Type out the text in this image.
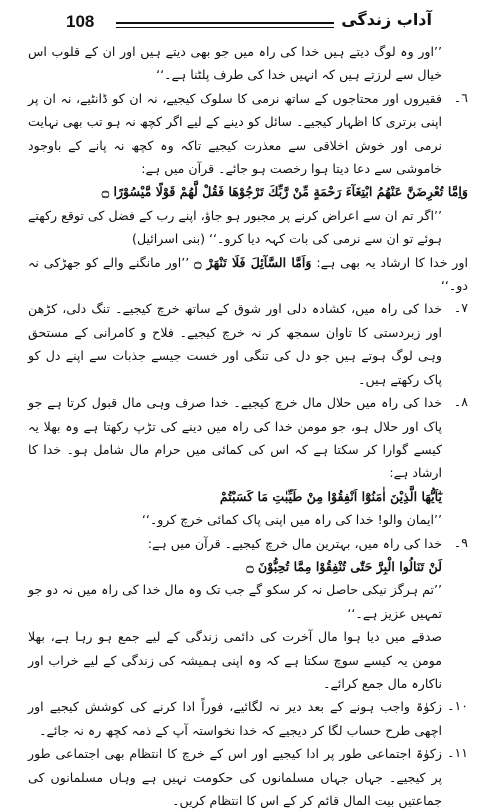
108	آداب زندگی

’’اور وہ لوگ دیتے ہیں خدا کی راہ میں جو بھی دیتے ہیں اور ان کے قلوب اس خیال سے لرزتے ہیں کہ انہیں خدا کی طرف پلٹنا ہے۔‘‘

٦۔

فقیروں اور محتاجوں کے ساتھ نرمی کا سلوک کیجیے، نہ ان کو ڈانٹیے، نہ ان پر اپنی برتری کا اظہار کیجیے۔ سائل کو دینے کے لیے اگر کچھ نہ ہو تب بھی نہایت نرمی اور خوش اخلاقی سے معذرت کیجیے تاکہ وہ کچھ نہ پانے کے باوجود خاموشی سے دعا دیتا ہوا رخصت ہو جائے۔ قرآن میں ہے:

وَاِمَّا تُعْرِضَنَّ عَنْهُمُ ابْتِغَآءَ رَحْمَةٍ مِّنْ رَّبِّكَ تَرْجُوْهَا فَقُلْ لَّهُمْ قَوْلًا مَّيْسُوْرًا ۝

’’اگر تم ان سے اعراض کرنے پر مجبور ہو جاؤ، اپنے رب کے فضل کی توقع رکھتے ہوئے تو ان سے نرمی کی بات کہہ دیا کرو۔‘‘ (بنی اسرائیل)

اور خدا کا ارشاد یہ بھی ہے: وَاَمَّا السَّآئِلَ فَلَا تَنْهَرْ ۝ ’’اور مانگنے والے کو جھڑکی نہ دو۔‘‘

٧۔

خدا کی راہ میں، کشادہ دلی اور شوق کے ساتھ خرچ کیجیے۔ تنگ دلی، کڑھن اور زبردستی کا تاوان سمجھ کر نہ خرچ کیجیے۔ فلاح و کامرانی کے مستحق وہی لوگ ہوتے ہیں جو دل کی تنگی اور خست جیسے جذبات سے اپنے دل کو پاک رکھتے ہیں۔

٨۔

خدا کی راہ میں حلال مال خرچ کیجیے۔ خدا صرف وہی مال قبول کرتا ہے جو پاک اور حلال ہو، جو مومن خدا کی راہ میں دینے کی تڑپ رکھتا ہے وہ بھلا یہ کیسے گوارا کر سکتا ہے کہ اس کی کمائی میں حرام مال شامل ہو۔ خدا کا ارشاد ہے:

يٰٓاَيُّهَا الَّذِيْنَ اٰمَنُوْٓا اَنْفِقُوْا مِنْ طَيِّبٰتِ مَا كَسَبْتُمْ

’’ایمان والو! خدا کی راہ میں اپنی پاک کمائی خرچ کرو۔‘‘

٩۔

خدا کی راہ میں، بہترین مال خرچ کیجیے۔ قرآن میں ہے:

لَنْ تَنَالُوا الْبِرَّ حَتّٰى تُنْفِقُوْا مِمَّا تُحِبُّوْنَ ۝

’’تم ہرگز نیکی حاصل نہ کر سکو گے جب تک وہ مال خدا کی راہ میں نہ دو جو تمہیں عزیز ہے۔‘‘

صدقے میں دیا ہوا مال آخرت کی دائمی زندگی کے لیے جمع ہو رہا ہے، بھلا مومن یہ کیسے سوچ سکتا ہے کہ وہ اپنی ہمیشہ کی زندگی کے لیے خراب اور ناکارہ مال جمع کرائے۔

١٠۔

زکوٰۃ واجب ہونے کے بعد دیر نہ لگائیے، فوراً ادا کرنے کی کوشش کیجیے اور اچھی طرح حساب لگا کر دیجیے کہ خدا نخواستہ آپ کے ذمہ کچھ رہ نہ جائے۔

١١۔

زکوٰۃ اجتماعی طور پر ادا کیجیے اور اس کے خرچ کا انتظام بھی اجتماعی طور پر کیجیے۔ جہاں جہاں مسلمانوں کی حکومت نہیں ہے وہاں مسلمانوں کی جماعتیں بیت المال قائم کر کے اس کا انتظام کریں۔
